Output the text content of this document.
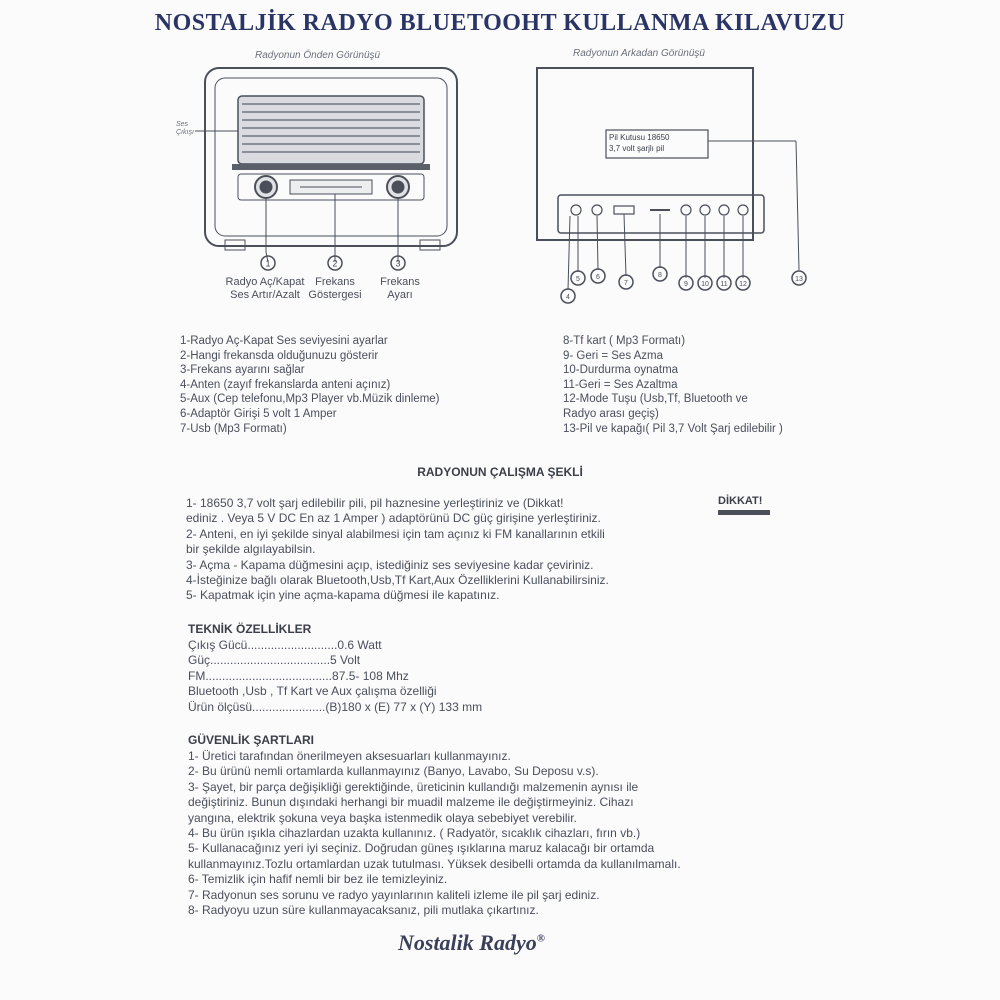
NOSTALJİK RADYO BLUETOOHT KULLANMA KILAVUZU
Radyonun Önden Görünüşü	Radyonun Arkadan Görünüşü
Ses Çıkışı
1	2	3
4
5 6
7
8
9 10 11 12
13
Pil Kutusu 18650
3,7 volt şarjlı pil
Radyo Aç/Kapat
Ses Artır/Azalt
Frekans
Göstergesi
Frekans
Ayarı
1-Radyo Aç-Kapat Ses seviyesini ayarlar
2-Hangi frekansda olduğunuzu gösterir
3-Frekans ayarını sağlar
4-Anten (zayıf frekanslarda anteni açınız)
5-Aux (Cep telefonu,Mp3 Player vb.Müzik dinleme)
6-Adaptör Girişi 5 volt 1 Amper
7-Usb (Mp3 Formatı)
8-Tf kart ( Mp3 Formatı)
9- Geri = Ses Azma
10-Durdurma oynatma
11-Geri = Ses Azaltma
12-Mode Tuşu (Usb,Tf, Bluetooth ve
Radyo arası geçiş)
13-Pil ve kapağı( Pil 3,7 Volt Şarj edilebilir )
RADYONUN ÇALIŞMA ŞEKLİ
DİKKAT!
1- 18650 3,7 volt şarj edilebilir pili, pil haznesine yerleştiriniz ve (Dikkat!
ediniz . Veya 5 V DC En az 1 Amper ) adaptörünü DC güç girişine yerleştiriniz.
2- Anteni, en iyi şekilde sinyal alabilmesi için tam açınız ki FM kanallarının etkili
bir şekilde algılayabilsin.
3- Açma - Kapama düğmesini açıp, istediğiniz ses seviyesine kadar çeviriniz.
4-İsteğinize bağlı olarak Bluetooth,Usb,Tf Kart,Aux Özelliklerini Kullanabilirsiniz.
5- Kapatmak için yine açma-kapama düğmesi ile kapatınız.
TEKNİK ÖZELLİKLER
Çıkış Gücü...........................0.6 Watt
Güç....................................5 Volt
FM......................................87.5- 108 Mhz
Bluetooth ,Usb , Tf Kart ve Aux çalışma özelliği
Ürün ölçüsü......................(B)180 x (E) 77 x (Y) 133 mm
GÜVENLİK ŞARTLARI
1- Üretici tarafından önerilmeyen aksesuarları kullanmayınız.
2- Bu ürünü nemli ortamlarda kullanmayınız (Banyo, Lavabo, Su Deposu v.s).
3- Şayet, bir parça değişikliği gerektiğinde, üreticinin kullandığı malzemenin aynısı ile
değiştiriniz. Bunun dışındaki herhangi bir muadil malzeme ile değiştirmeyiniz. Cihazı
yangına, elektrik şokuna veya başka istenmedik olaya sebebiyet verebilir.
4- Bu ürün ışıkla cihazlardan uzakta kullanınız. ( Radyatör, sıcaklık cihazları, fırın vb.)
5- Kullanacağınız yeri iyi seçiniz. Doğrudan güneş ışıklarına maruz kalacağı bir ortamda
kullanmayınız.Tozlu ortamlardan uzak tutulması. Yüksek desibelli ortamda da kullanılmamalı.
6- Temizlik için hafif nemli bir bez ile temizleyiniz.
7- Radyonun ses sorunu ve radyo yayınlarının kaliteli izleme ile pil şarj ediniz.
8- Radyoyu uzun süre kullanmayacaksanız, pili mutlaka çıkartınız.
Nostalik Radyo®
